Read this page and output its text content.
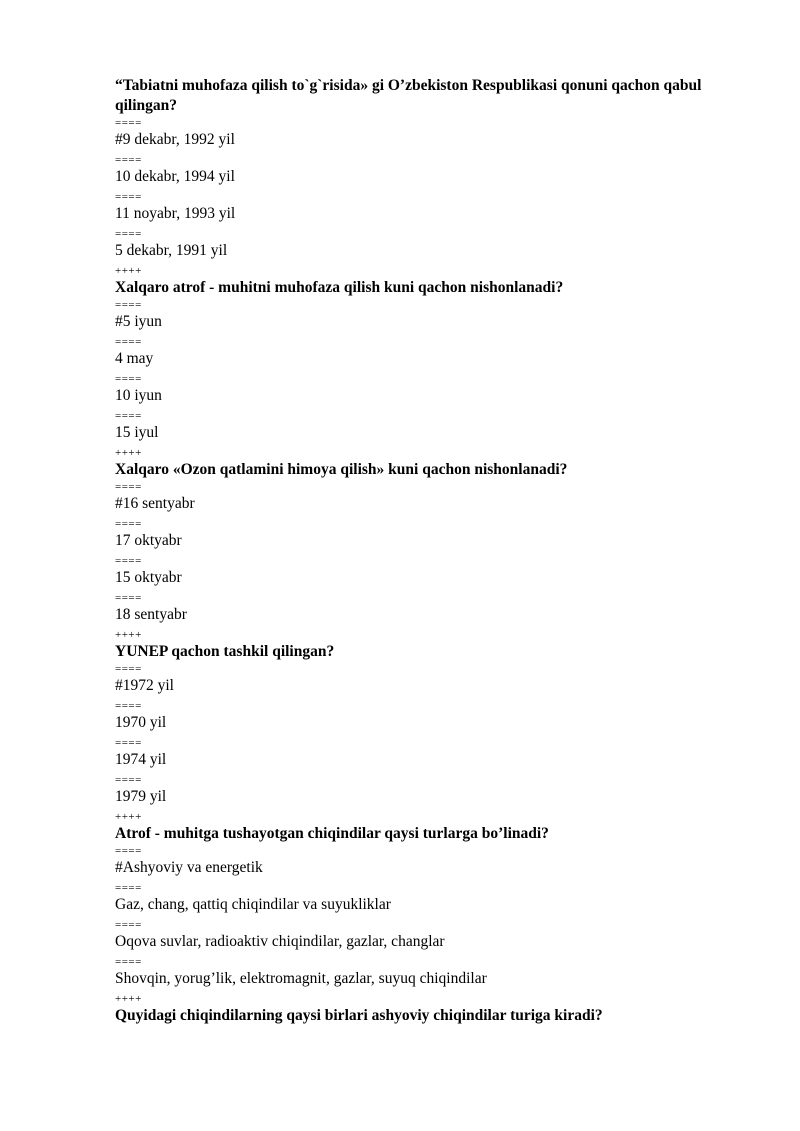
“Tabiatni muhofaza qilish to`g`risida» gi O’zbekiston Respublikasi qonuni qachon qabul qilingan?

====
#9 dekabr, 1992 yil
====
10 dekabr, 1994 yil
====
11 noyabr, 1993 yil
====
5 dekabr, 1991 yil
++++

Xalqaro atrof - muhitni muhofaza qilish kuni qachon nishonlanadi?

====
#5 iyun
====
4 may
====
10 iyun
====
15 iyul
++++

Xalqaro «Ozon qatlamini himoya qilish» kuni qachon nishonlanadi?

====
#16 sentyabr
====
17 oktyabr
====
15 oktyabr
====
18 sentyabr
++++

YUNEP qachon tashkil qilingan?

====
#1972 yil
====
1970 yil
====
1974 yil
====
1979 yil
++++

Atrof - muhitga tushayotgan chiqindilar qaysi turlarga bo’linadi?

====
#Ashyoviy va energetik
====
Gaz, chang, qattiq chiqindilar va suyukliklar
====
Oqova suvlar, radioaktiv chiqindilar, gazlar, changlar
====
Shovqin, yorug’lik, elektromagnit, gazlar, suyuq chiqindilar
++++

Quyidagi chiqindilarning qaysi birlari ashyoviy chiqindilar turiga kiradi?
